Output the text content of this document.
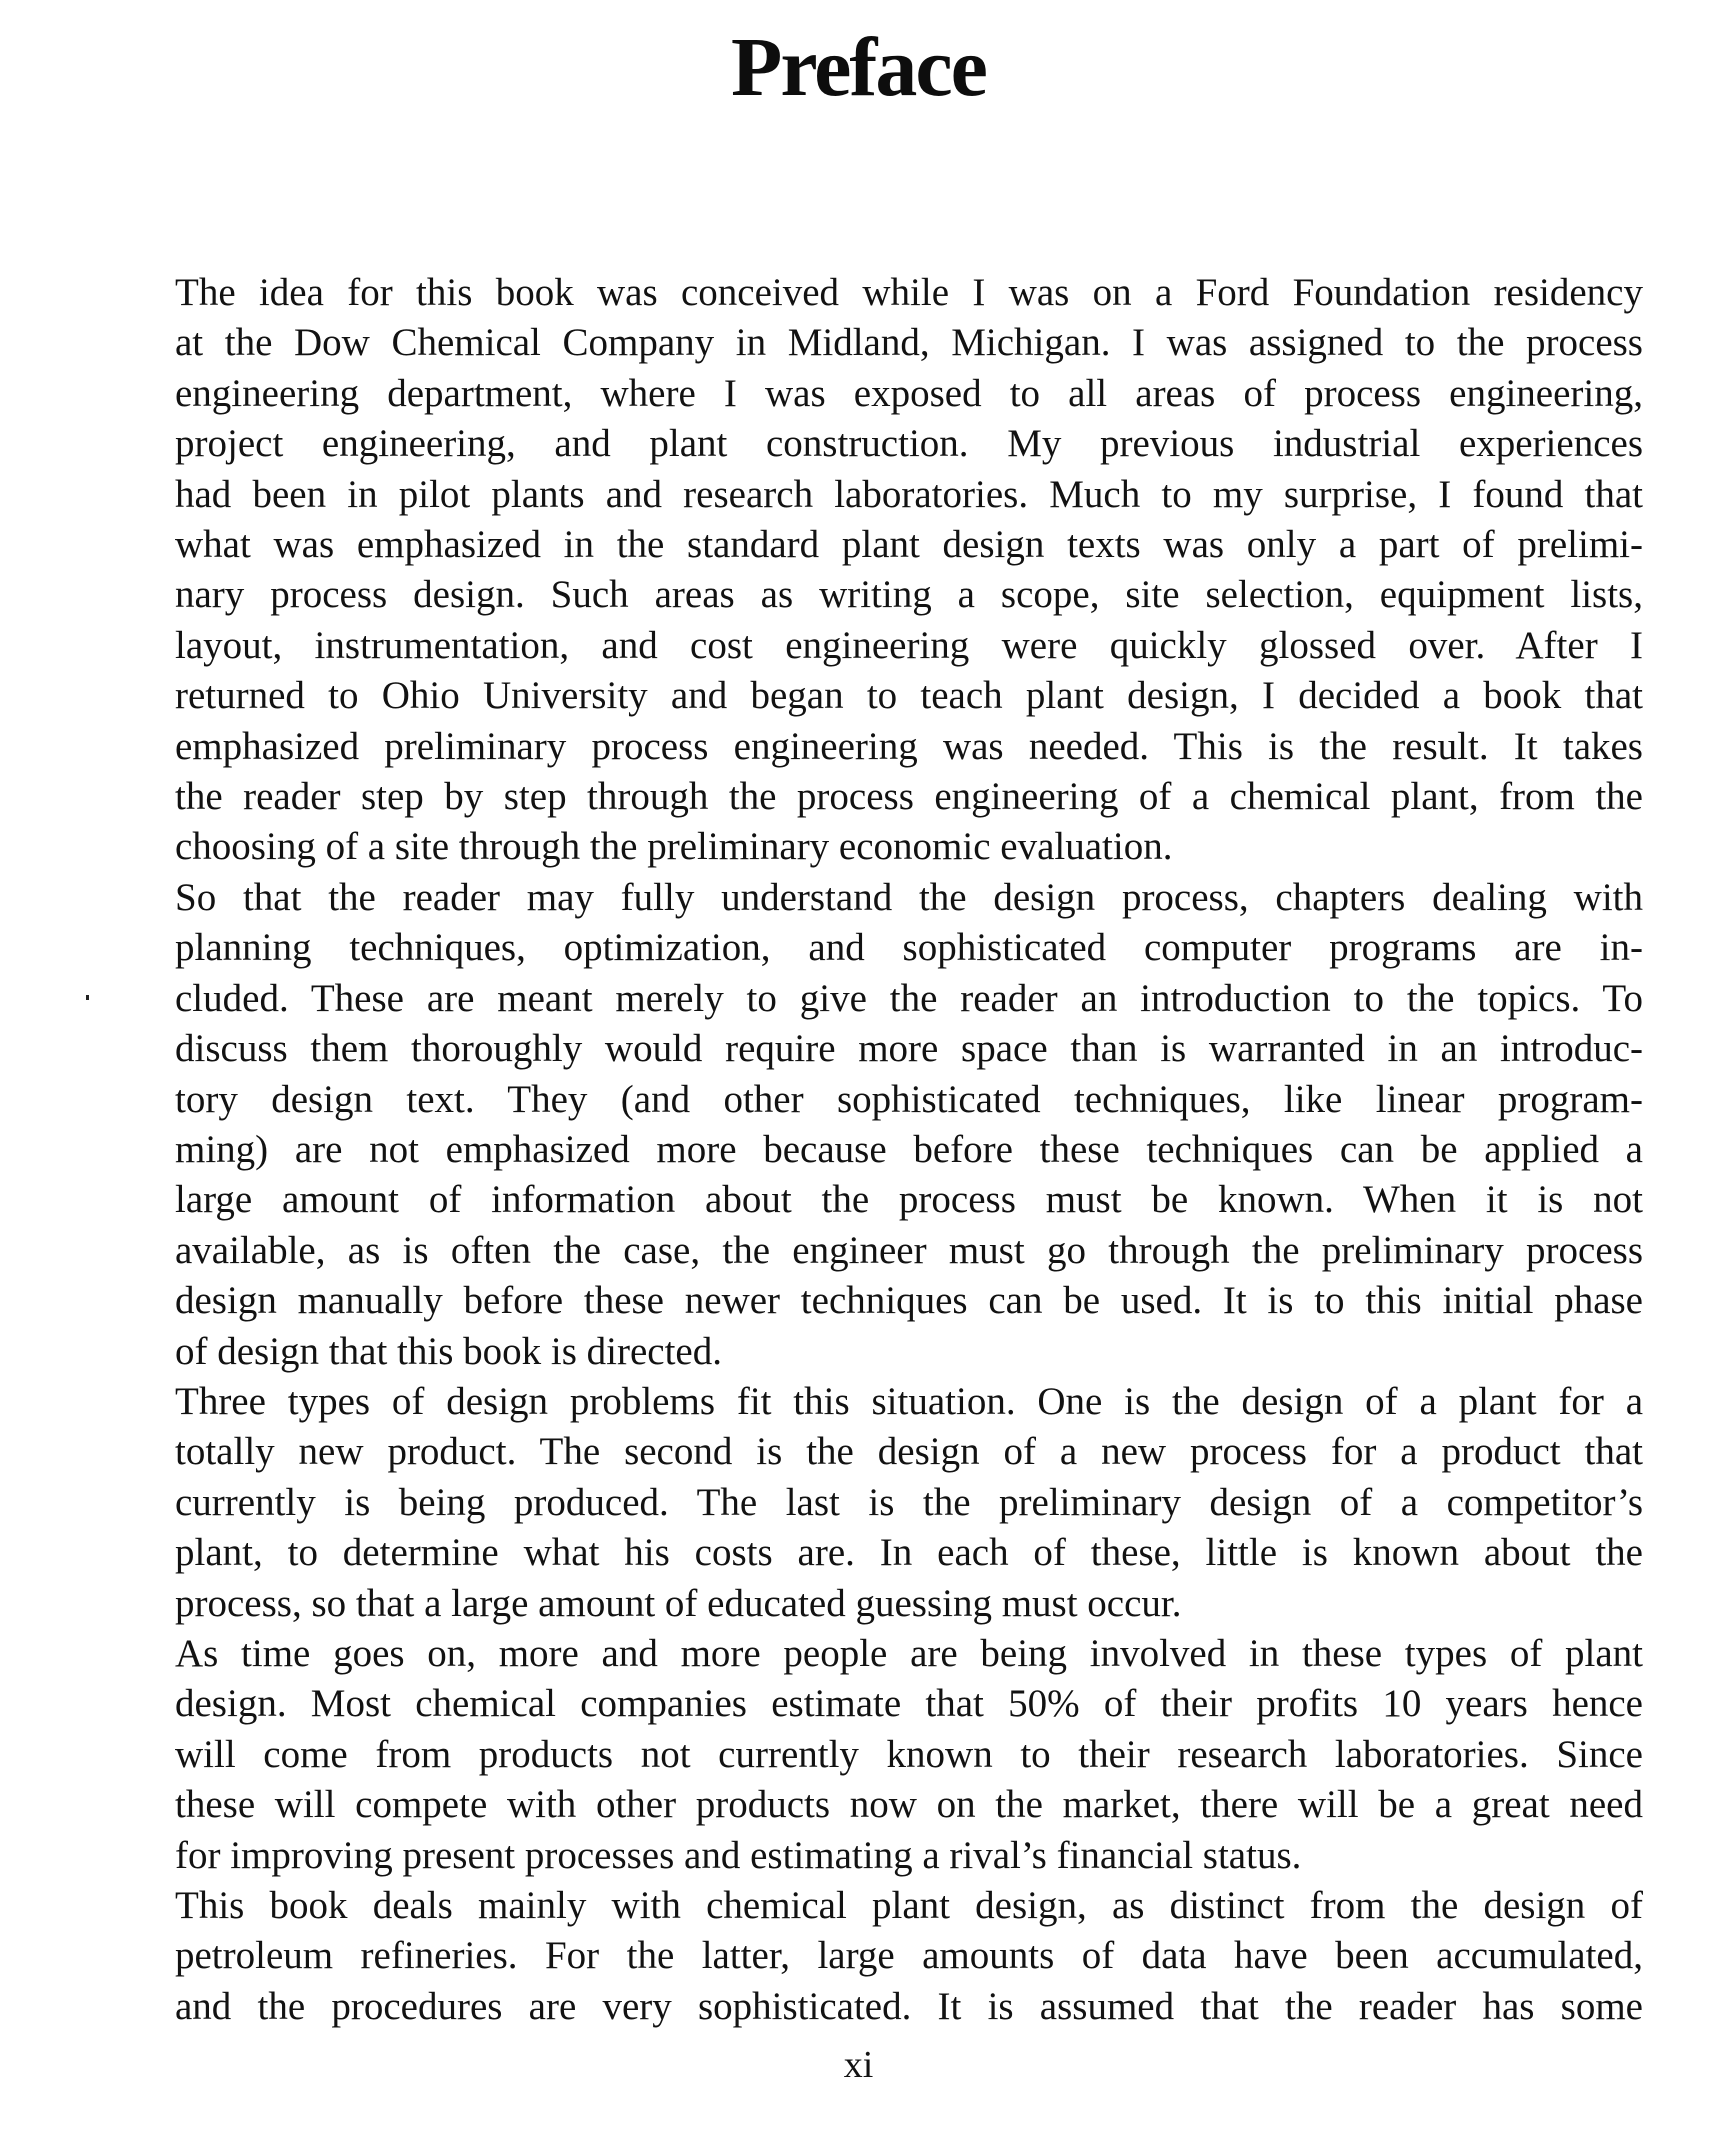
Preface

The idea for this book was conceived while I was on a Ford Foundation residency
at the Dow Chemical Company in Midland, Michigan. I was assigned to the process
engineering department, where I was exposed to all areas of process engineering,
project engineering, and plant construction. My previous industrial experiences
had been in pilot plants and research laboratories. Much to my surprise, I found that
what was emphasized in the standard plant design texts was only a part of prelimi-
nary process design. Such areas as writing a scope, site selection, equipment lists,
layout, instrumentation, and cost engineering were quickly glossed over. After I
returned to Ohio University and began to teach plant design, I decided a book that
emphasized preliminary process engineering was needed. This is the result. It takes
the reader step by step through the process engineering of a chemical plant, from the
choosing of a site through the preliminary economic evaluation.

So that the reader may fully understand the design process, chapters dealing with
planning techniques, optimization, and sophisticated computer programs are in-
cluded. These are meant merely to give the reader an introduction to the topics. To
discuss them thoroughly would require more space than is warranted in an introduc-
tory design text. They (and other sophisticated techniques, like linear program-
ming) are not emphasized more because before these techniques can be applied a
large amount of information about the process must be known. When it is not
available, as is often the case, the engineer must go through the preliminary process
design manually before these newer techniques can be used. It is to this initial phase
of design that this book is directed.

Three types of design problems fit this situation. One is the design of a plant for a
totally new product. The second is the design of a new process for a product that
currently is being produced. The last is the preliminary design of a competitor’s
plant, to determine what his costs are. In each of these, little is known about the
process, so that a large amount of educated guessing must occur.

As time goes on, more and more people are being involved in these types of plant
design. Most chemical companies estimate that 50% of their profits 10 years hence
will come from products not currently known to their research laboratories. Since
these will compete with other products now on the market, there will be a great need
for improving present processes and estimating a rival’s financial status.

This book deals mainly with chemical plant design, as distinct from the design of
petroleum refineries. For the latter, large amounts of data have been accumulated,
and the procedures are very sophisticated. It is assumed that the reader has some

xi
